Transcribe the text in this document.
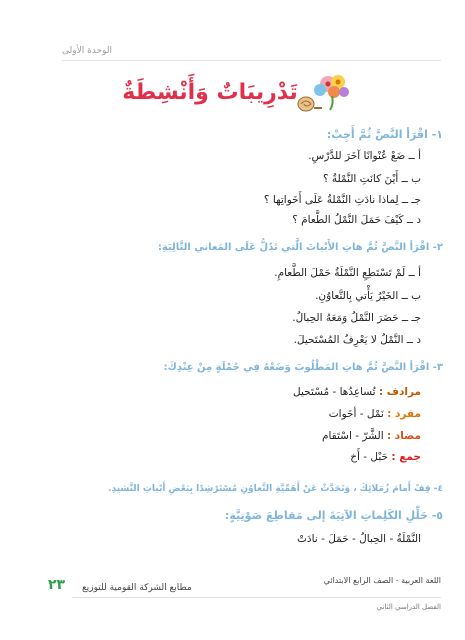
الوحدة الأولى
تَدْرِيبَاتٌ وَأَنْشِطَةٌ
١- اقْرَأ النَّصَّ ثُمَّ أَجِبْ:
أ ــ ضَعْ عُنْوانًا آخَرَ للدَّرْسِ.
ب ــ أَيْنَ كانَتِ النَّمْلةُ ؟
جـ ــ لِماذا نادَتِ النَّمْلةُ عَلَى أَخَواتِها ؟
د ــ كَيْفَ حَمَلَ النَّمْلُ الطَّعامَ ؟
٢- اقْرَأ النَّصَّ ثُمَّ هاتِ الأَبْياتَ الَّتي تَدُلُّ عَلَى المَعاني التَّالِيَةِ:
أ ــ لَمْ تَسْتَطِعِ النَّمْلَةُ حَمْلَ الطَّعامِ.
ب ــ الخَيْرُ يَأْتي بِالتَّعاوُنِ.
جـ ــ حَضَرَ النَّمْلُ وَمَعَهُ الحِبالُ.
د ــ النَّمْلُ لا يَعْرِفُ المُسْتَحيلَ.
٣- اقْرَأ النَّصَّ ثُمَّ هاتِ المَطْلُوبَ وَضَعْهُ فِي جُمْلَةٍ مِنْ عِنْدِكَ:
مرادف : تُساعِدُها - مُسْتَحيل
مفرد : نَمْل - أخَوات
مضاد : الشَّرّ - اسْتَقام
جمع : حَبْل - أَخ
٤- قِفْ أَمامَ زُمَلائِكَ ، وَتَحَدَّثْ عَنْ أَهَمِّيَّةِ التَّعاوُنِ مُسْتَرْشِدًا بِبَعْضِ أَبْياتِ النَّشيدِ.
٥- حَلِّلِ الكَلِماتِ الآتِيَةَ إلى مَقاطِعَ صَوْتِيَّةٍ:
النَّمْلَةُ - الحِبالُ - حَمَلَ - نادَتْ
اللغة العربية - الصف الرابع الابتدائي
الفصل الدراسي الثاني
٢٣ مطابع الشركة القومية للتوزيع
